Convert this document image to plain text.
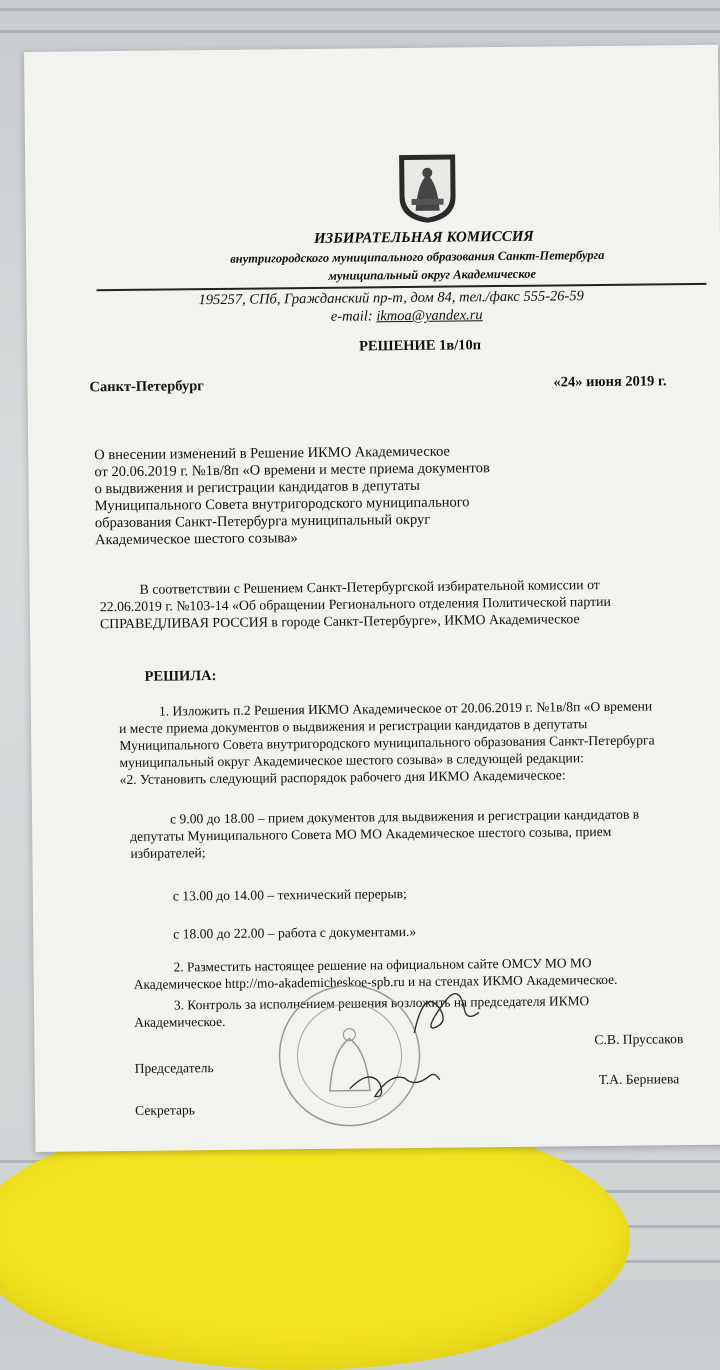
ИЗБИРАТЕЛЬНАЯ КОМИССИЯ
внутригородского муниципального образования Санкт-Петербурга
муниципальный округ Академическое
195257, СПб, Гражданский пр-т, дом 84, тел./факс 555-26-59
e-mail: ikmoa@yandex.ru
РЕШЕНИЕ 1в/10п
Санкт-Петербург	«24» июня 2019 г.
О внесении изменений в Решение ИКМО Академическое
от 20.06.2019 г. №1в/8п «О времени и месте приема документов
о выдвижения и регистрации кандидатов в депутаты
Муниципального Совета внутригородского муниципального
образования Санкт-Петербурга муниципальный округ
Академическое шестого созыва»
В соответствии с Решением Санкт-Петербургской избирательной комиссии от
22.06.2019 г. №103-14 «Об обращении Регионального отделения Политической партии
СПРАВЕДЛИВАЯ РОССИЯ в городе Санкт-Петербурге», ИКМО Академическое
РЕШИЛА:
1. Изложить п.2 Решения ИКМО Академическое от 20.06.2019 г. №1в/8п «О времени
и месте приема документов о выдвижения и регистрации кандидатов в депутаты
Муниципального Совета внутригородского муниципального образования Санкт-Петербурга
муниципальный округ Академическое шестого созыва» в следующей редакции:
«2. Установить следующий распорядок рабочего дня ИКМО Академическое:
с 9.00 до 18.00 – прием документов для выдвижения и регистрации кандидатов в
депутаты Муниципального Совета МО МО Академическое шестого созыва, прием
избирателей;
с 13.00 до 14.00 – технический перерыв;
с 18.00 до 22.00 – работа с документами.»
2. Разместить настоящее решение на официальном сайте ОМСУ МО МО
Академическое http://mo-akademicheskoe-spb.ru и на стендах ИКМО Академическое.
3. Контроль за исполнением решения возложить на председателя ИКМО
Академическое.
С.В. Пруссаков
Председатель
Т.А. Берниева
Секретарь
